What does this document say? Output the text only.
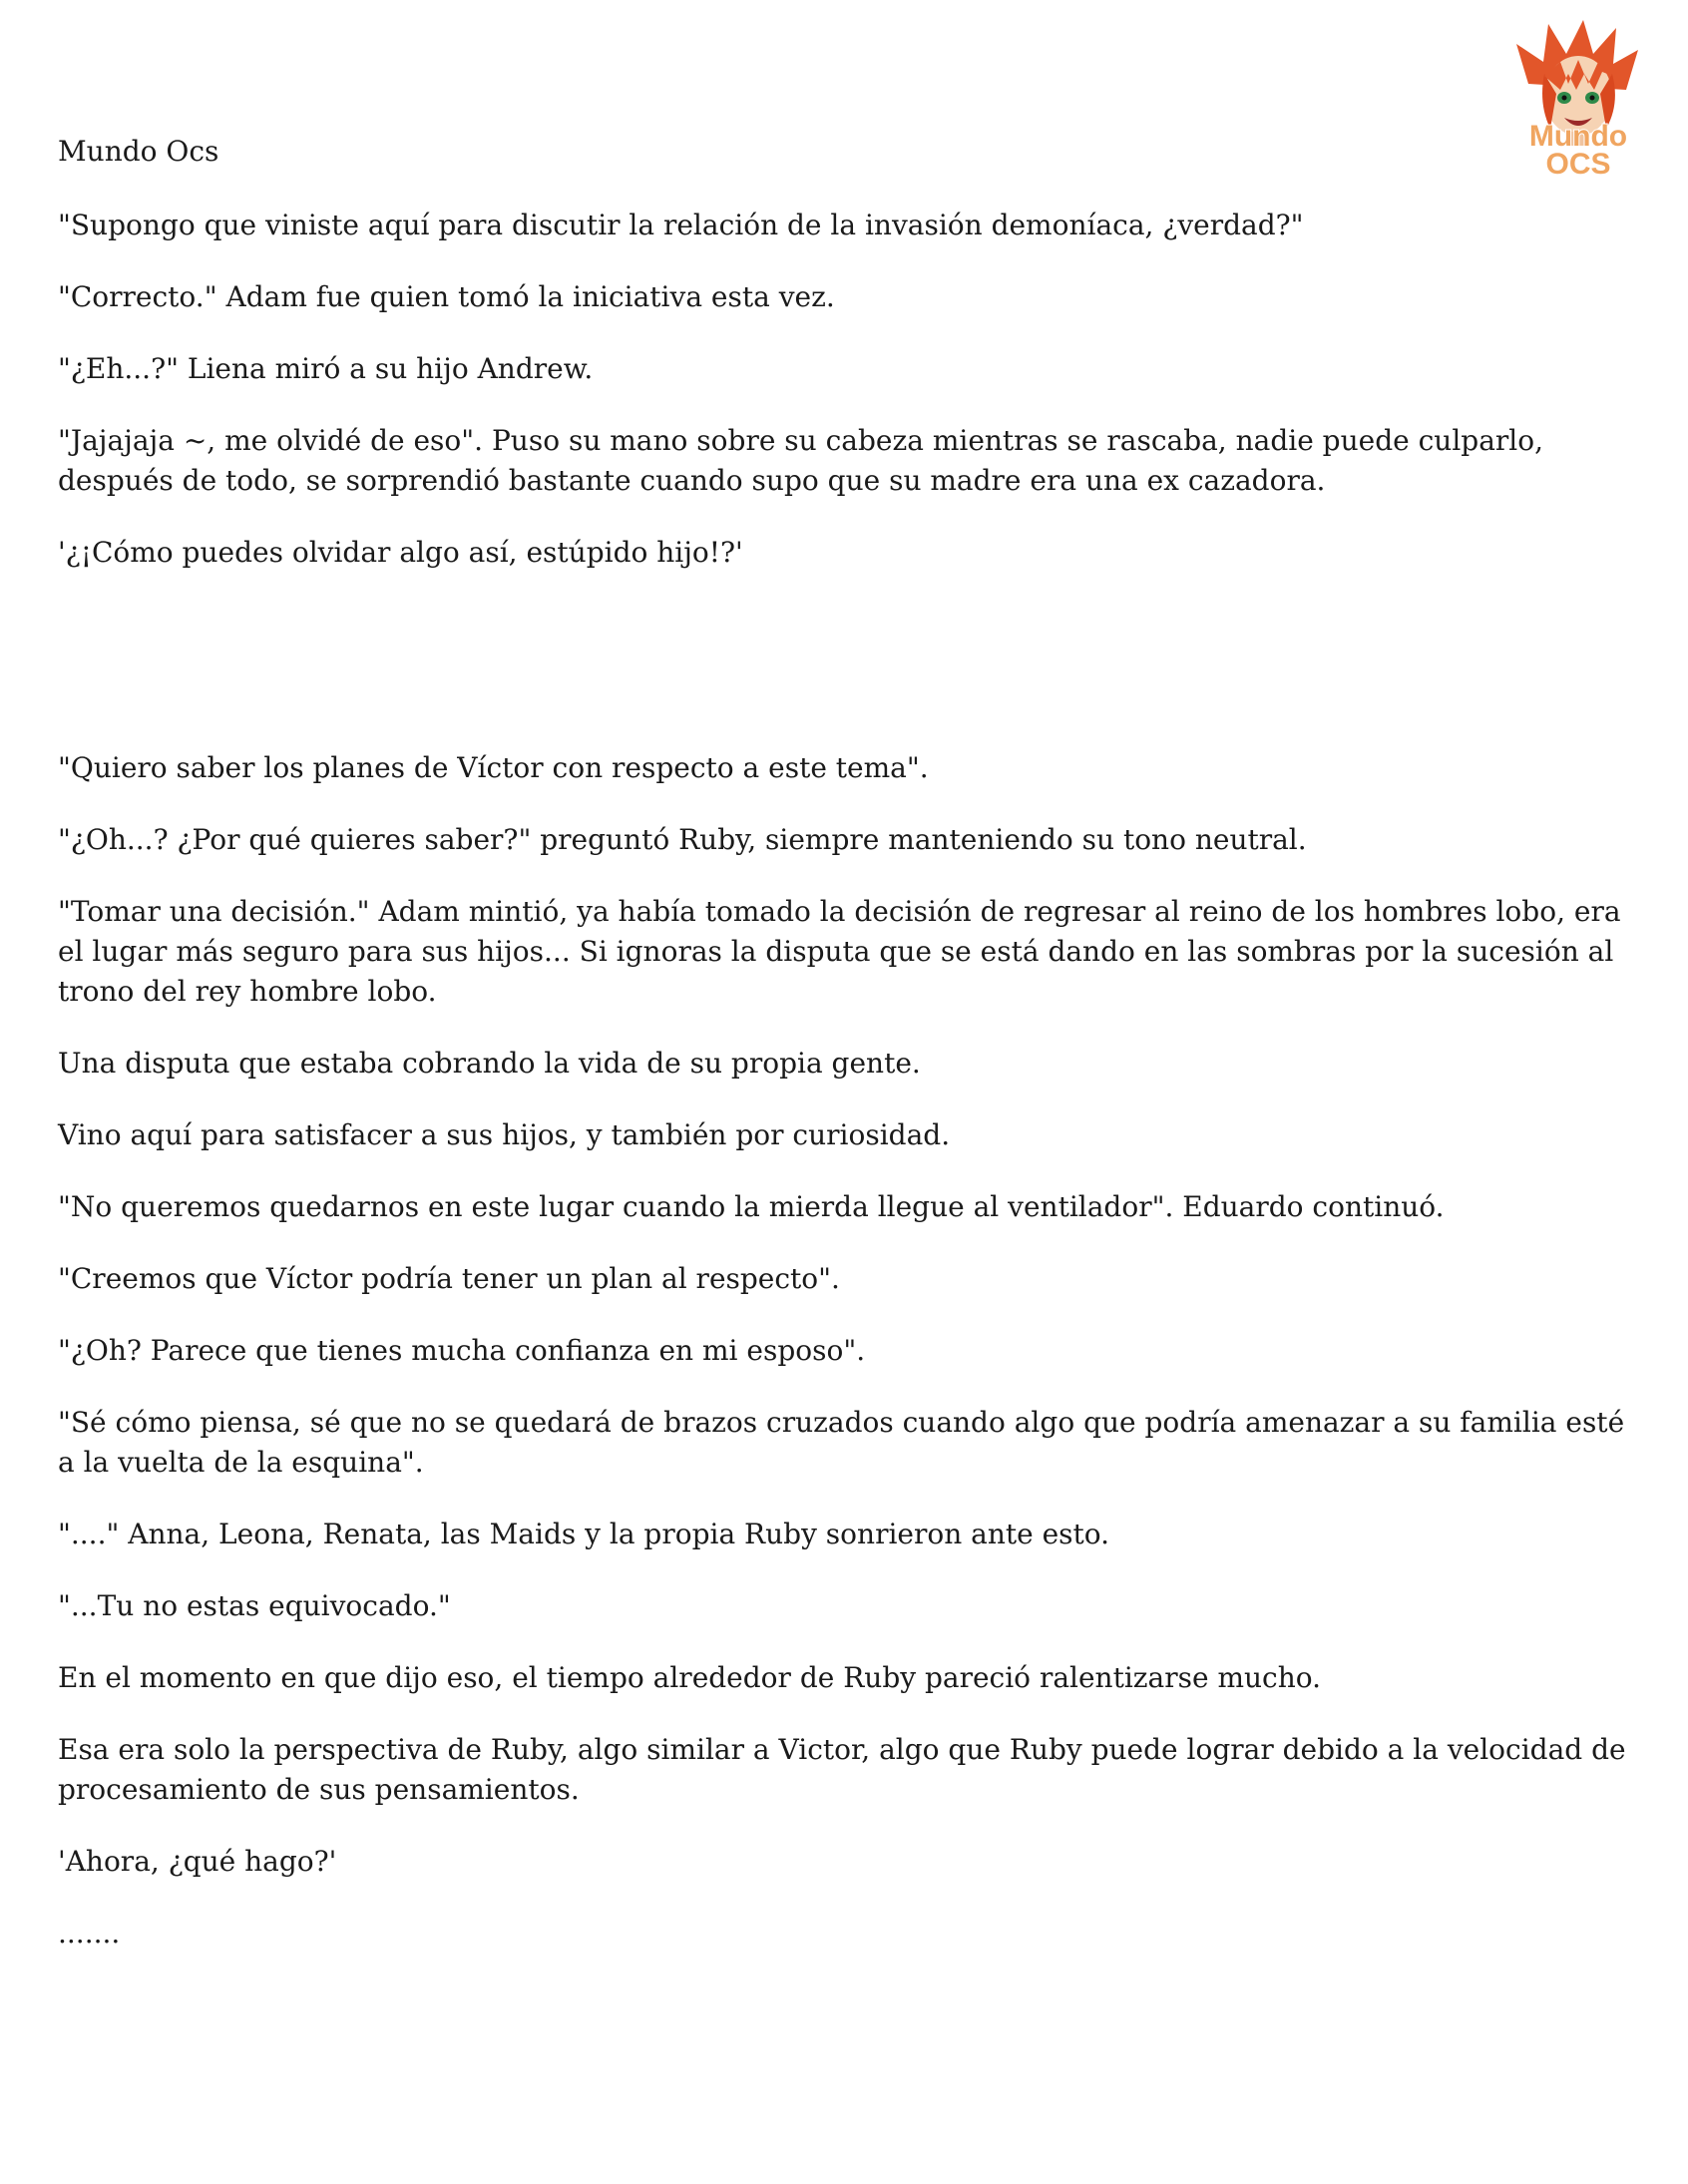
Mundo Ocs	Mundo
OCS

"Supongo que viniste aquí para discutir la relación de la invasión demoníaca, ¿verdad?"

"Correcto." Adam fue quien tomó la iniciativa esta vez.

"¿Eh...?" Liena miró a su hijo Andrew.

"Jajajaja ~, me olvidé de eso". Puso su mano sobre su cabeza mientras se rascaba, nadie puede culparlo, después de todo, se sorprendió bastante cuando supo que su madre era una ex cazadora.

'¿¡Cómo puedes olvidar algo así, estúpido hijo!?'

"Quiero saber los planes de Víctor con respecto a este tema".

"¿Oh...? ¿Por qué quieres saber?" preguntó Ruby, siempre manteniendo su tono neutral.

"Tomar una decisión." Adam mintió, ya había tomado la decisión de regresar al reino de los hombres lobo, era el lugar más seguro para sus hijos... Si ignoras la disputa que se está dando en las sombras por la sucesión al trono del rey hombre lobo.

Una disputa que estaba cobrando la vida de su propia gente.

Vino aquí para satisfacer a sus hijos, y también por curiosidad.

"No queremos quedarnos en este lugar cuando la mierda llegue al ventilador". Eduardo continuó.

"Creemos que Víctor podría tener un plan al respecto".

"¿Oh? Parece que tienes mucha confianza en mi esposo".

"Sé cómo piensa, sé que no se quedará de brazos cruzados cuando algo que podría amenazar a su familia esté a la vuelta de la esquina".

"...." Anna, Leona, Renata, las Maids y la propia Ruby sonrieron ante esto.

"...Tu no estas equivocado."

En el momento en que dijo eso, el tiempo alrededor de Ruby pareció ralentizarse mucho.

Esa era solo la perspectiva de Ruby, algo similar a Victor, algo que Ruby puede lograr debido a la velocidad de procesamiento de sus pensamientos.

'Ahora, ¿qué hago?'

.......
